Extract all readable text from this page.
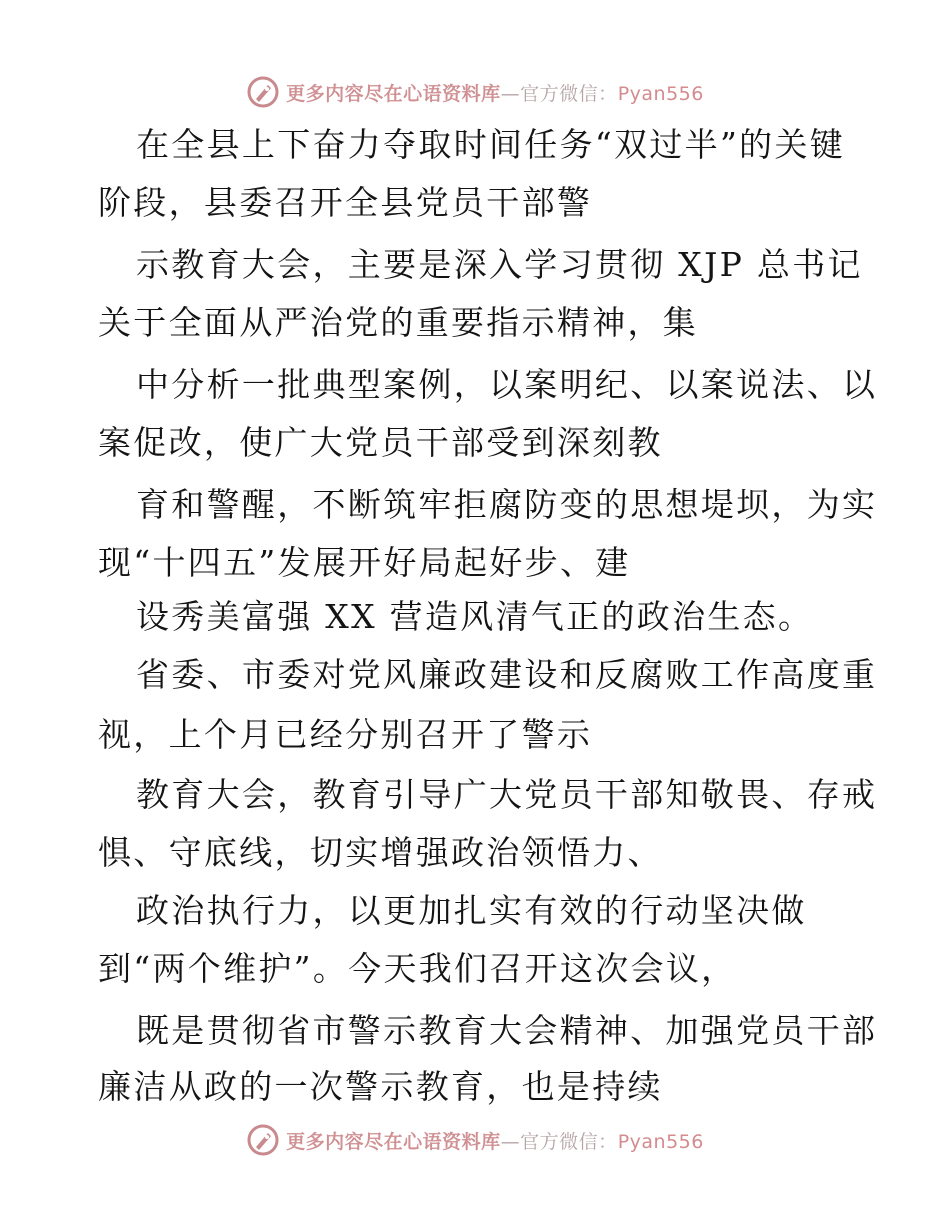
更多内容尽在心语资料库—官方微信：Pyan556
在全县上下奋力夺取时间任务“双过半”的关键
阶段，县委召开全县党员干部警
示教育大会，主要是深入学习贯彻 XJP 总书记
关于全面从严治党的重要指示精神，集
中分析一批典型案例，以案明纪、以案说法、以
案促改，使广大党员干部受到深刻教
育和警醒，不断筑牢拒腐防变的思想堤坝，为实
现“十四五”发展开好局起好步、建
设秀美富强 XX 营造风清气正的政治生态。
省委、市委对党风廉政建设和反腐败工作高度重
视，上个月已经分别召开了警示
教育大会，教育引导广大党员干部知敬畏、存戒
惧、守底线，切实增强政治领悟力、
政治执行力，以更加扎实有效的行动坚决做
到“两个维护”。今天我们召开这次会议，
既是贯彻省市警示教育大会精神、加强党员干部
廉洁从政的一次警示教育，也是持续
更多内容尽在心语资料库—官方微信：Pyan556
